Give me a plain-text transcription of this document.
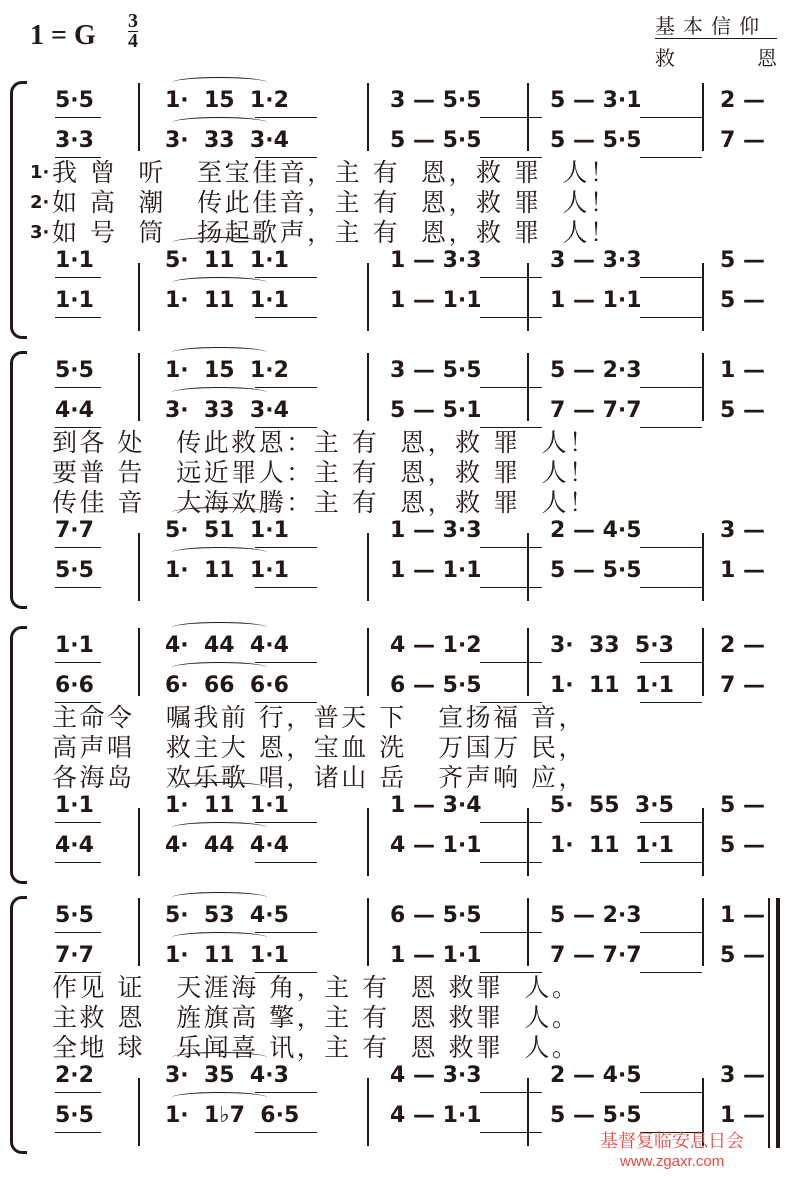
1 = G 3
4
基本信仰
救	恩
5·5	1·  15  1·2	3 — 5·5	5 — 3·1	2 —
3·3	3·  33  3·4	5 — 5·5	5 — 5·5	7 —
1·1	5·  11  1·1	1 — 3·3	3 — 3·3	5 —
1·1	1·  11  1·1	1 — 1·1	1 — 1·1	5 —
1· 我 曾  听   至宝佳音，主 有  恩，救 罪  人！
2· 如 高  潮   传此佳音，主 有  恩，救 罪  人！
3· 如 号  筒   扬起歌声，主 有  恩，救 罪  人！
5·5	1·  15  1·2	3 — 5·5	5 — 2·3	1 —
4·4	3·  33  3·4	5 — 5·1	7 — 7·7	5 —
7·7	5·  51  1·1	1 — 3·3	2 — 4·5	3 —
5·5	1·  11  1·1	1 — 1·1	5 — 5·5	1 —
到各 处   传此救恩：主 有  恩，救 罪  人！
要普 告   远近罪人：主 有  恩，救 罪  人！
传佳 音   大海欢腾：主 有  恩，救 罪  人！
1·1	4·  44  4·4	4 — 1·2	3·  33  5·3 2 —
6·6	6·  66  6·6	6 — 5·5	1·  11  1·1 7 —
1·1	1·  11  1·1	1 — 3·4	5·  55  3·5 5 —
4·4	4·  44  4·4	4 — 1·1	1·  11  1·1 5 —
主命令   嘱我前 行，普天 下   宣扬福 音，
高声唱   救主大 恩，宝血 洗   万国万 民，
各海岛   欢乐歌 唱，诸山 岳   齐声响 应，
5·5	5·  53  4·5	6 — 5·5	5 — 2·3	1 —
7·7	1·  11  1·1	1 — 1·1	7 — 7·7	5 —
2·2	3·  35  4·3	4 — 3·3	2 — 4·5	3 —
5·5	1·  1♭7  6·5	4 — 1·1	5 — 5·5	1 —
作见 证   天涯海 角，主 有  恩 救罪  人。
主救 恩   旌旗高 擎，主 有  恩 救罪  人。
全地 球   乐闻喜 讯，主 有  恩 救罪  人。
基督复临安息日会
www.zgaxr.com
